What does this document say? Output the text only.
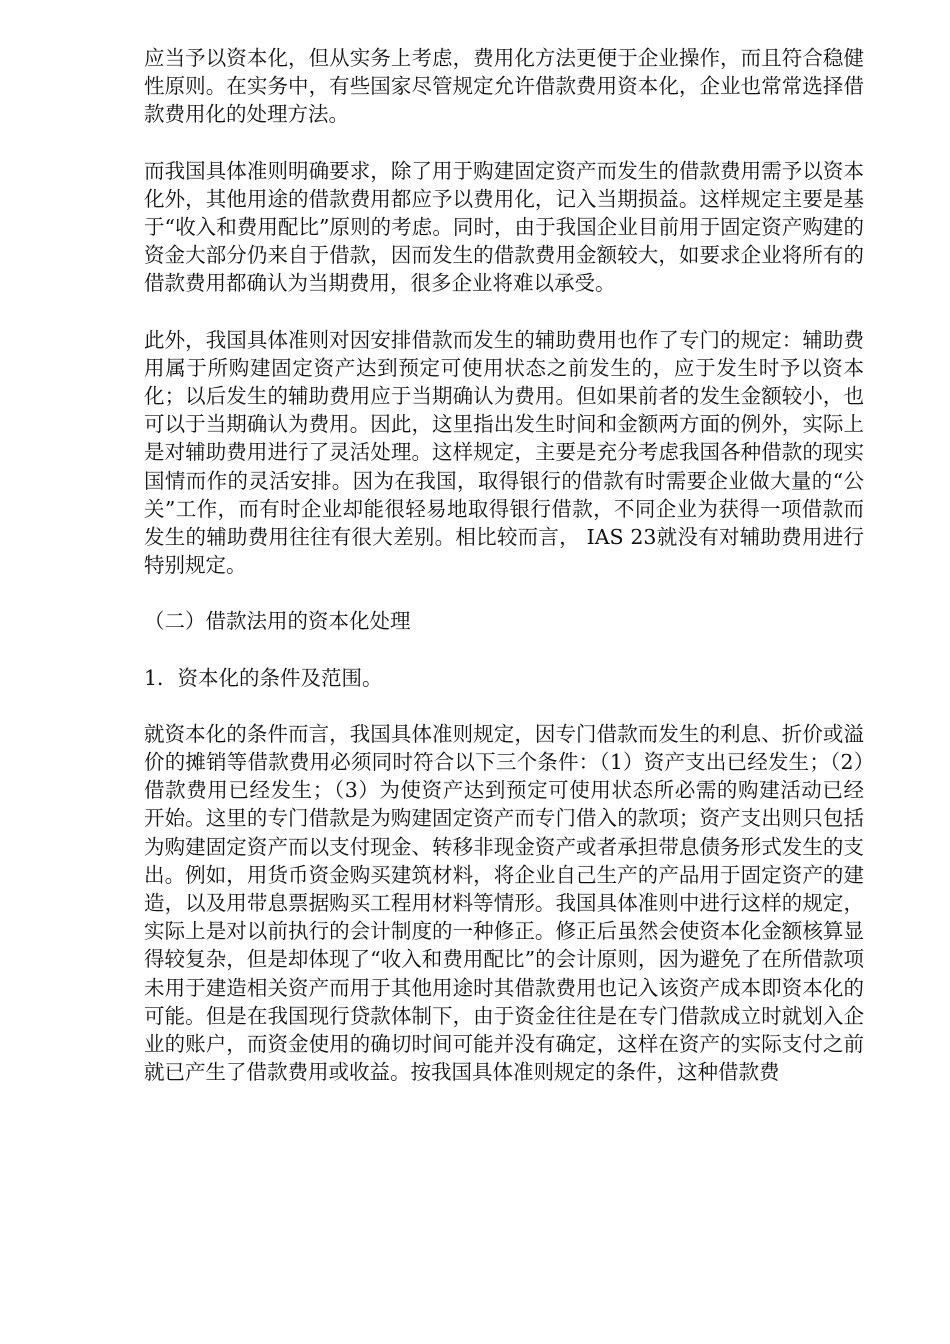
应当予以资本化，但从实务上考虑，费用化方法更便于企业操作，而且符合稳健性原则。在实务中，有些国家尽管规定允许借款费用资本化，企业也常常选择借款费用化的处理方法。

而我国具体准则明确要求，除了用于购建固定资产而发生的借款费用需予以资本化外，其他用途的借款费用都应予以费用化，记入当期损益。这样规定主要是基于“收入和费用配比”原则的考虑。同时，由于我国企业目前用于固定资产购建的资金大部分仍来自于借款，因而发生的借款费用金额较大，如要求企业将所有的借款费用都确认为当期费用，很多企业将难以承受。

此外，我国具体准则对因安排借款而发生的辅助费用也作了专门的规定：辅助费用属于所购建固定资产达到预定可使用状态之前发生的，应于发生时予以资本化；以后发生的辅助费用应于当期确认为费用。但如果前者的发生金额较小，也可以于当期确认为费用。因此，这里指出发生时间和金额两方面的例外，实际上是对辅助费用进行了灵活处理。这样规定，主要是充分考虑我国各种借款的现实国情而作的灵活安排。因为在我国，取得银行的借款有时需要企业做大量的“公关”工作，而有时企业却能很轻易地取得银行借款，不同企业为获得一项借款而发生的辅助费用往往有很大差别。相比较而言， IAS 23就没有对辅助费用进行特别规定。

（二）借款法用的资本化处理

1．资本化的条件及范围。

就资本化的条件而言，我国具体准则规定，因专门借款而发生的利息、折价或溢价的摊销等借款费用必须同时符合以下三个条件：（1）资产支出已经发生；（2）借款费用已经发生；（3）为使资产达到预定可使用状态所必需的购建活动已经开始。这里的专门借款是为购建固定资产而专门借入的款项；资产支出则只包括为购建固定资产而以支付现金、转移非现金资产或者承担带息债务形式发生的支出。例如，用货币资金购买建筑材料，将企业自己生产的产品用于固定资产的建造，以及用带息票据购买工程用材料等情形。我国具体准则中进行这样的规定，实际上是对以前执行的会计制度的一种修正。修正后虽然会使资本化金额核算显得较复杂，但是却体现了“收入和费用配比”的会计原则，因为避免了在所借款项未用于建造相关资产而用于其他用途时其借款费用也记入该资产成本即资本化的可能。但是在我国现行贷款体制下，由于资金往往是在专门借款成立时就划入企业的账户，而资金使用的确切时间可能并没有确定，这样在资产的实际支付之前就已产生了借款费用或收益。按我国具体准则规定的条件，这种借款费
